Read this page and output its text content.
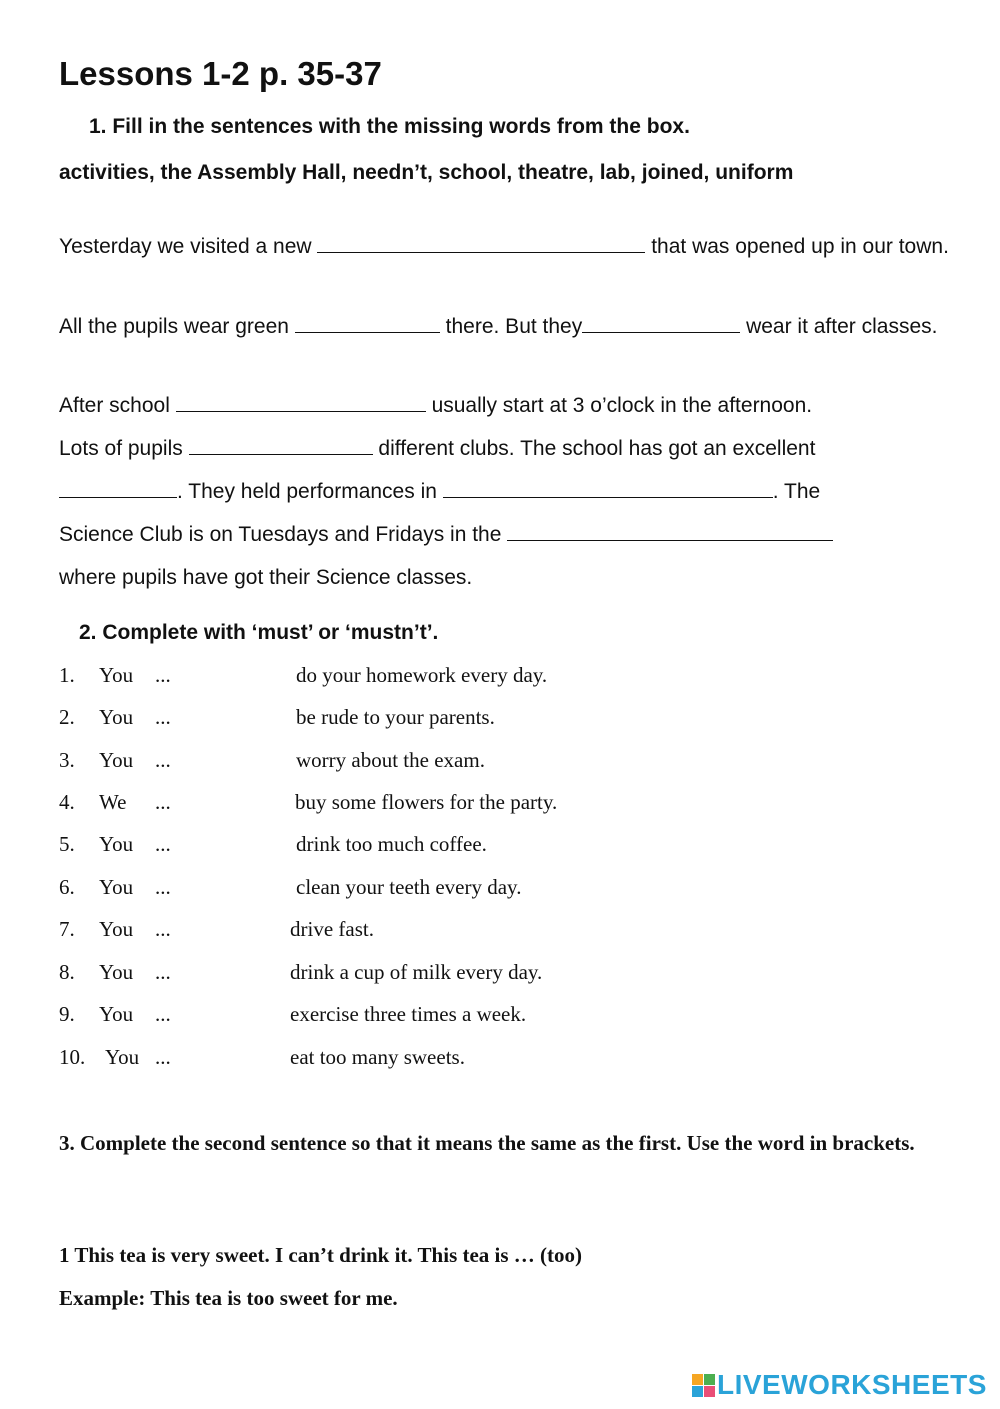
Lessons 1-2 p. 35-37

1. Fill in the sentences with the missing words from the box.

activities, the Assembly Hall, needn’t, school, theatre, lab, joined, uniform

Yesterday we visited a new	that was opened up in our town.
All the pupils wear green	there. But they	wear it after classes.
After school	usually start at 3 o’clock in the afternoon.
Lots of pupils	different clubs. The school has got an excellent
. They held performances in	. The
Science Club is on Tuesdays and Fridays in the
where pupils have got their Science classes.

2. Complete with ‘must’ or ‘mustn’t’.

1. You ...	do your homework every day.
2. You ...	be rude to your parents.
3. You ...	worry about the exam.
4. We ...	buy some flowers for the party.
5. You ...	drink too much coffee.
6. You ...	clean your teeth every day.
7. You ...	drive fast.
8. You ...	drink a cup of milk every day.
9. You ...	exercise three times a week.
10. You ...	eat too many sweets.

3. Complete the second sentence so that it means the same as the first. Use the word in brackets.

1 This tea is very sweet. I can’t drink it. This tea is … (too)

Example: This tea is too sweet for me.

LIVEWORKSHEETS
